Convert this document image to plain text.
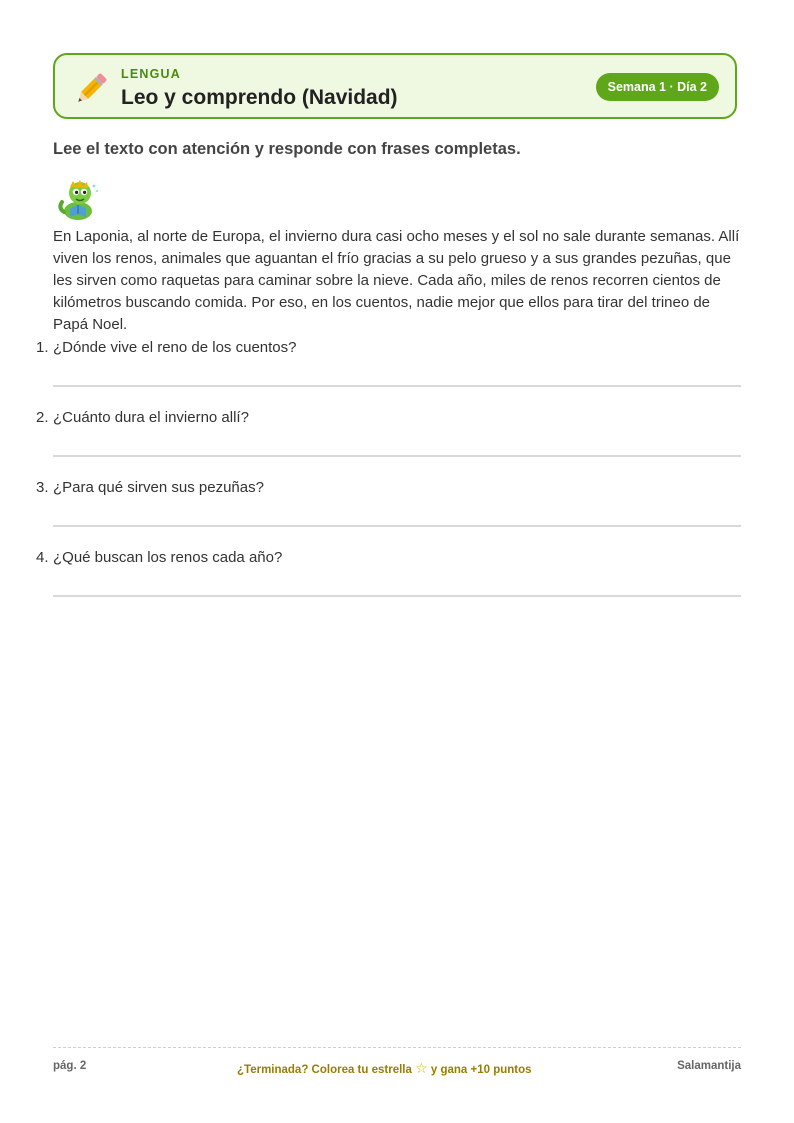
LENGUA
Leo y comprendo (Navidad)	Semana 1 · Día 2
Lee el texto con atención y responde con frases completas.

En Laponia, al norte de Europa, el invierno dura casi ocho meses y el sol no sale durante semanas. Allí viven los renos, animales que aguantan el frío gracias a su pelo grueso y a sus grandes pezuñas, que les sirven como raquetas para caminar sobre la nieve. Cada año, miles de renos recorren cientos de kilómetros buscando comida. Por eso, en los cuentos, nadie mejor que ellos para tirar del trineo de Papá Noel.

1. ¿Dónde vive el reno de los cuentos?
2. ¿Cuánto dura el invierno allí?
3. ¿Para qué sirven sus pezuñas?
4. ¿Qué buscan los renos cada año?
pág. 2	¿Terminada? Colorea tu estrella ☆ y gana +10 puntos	Salamantija
